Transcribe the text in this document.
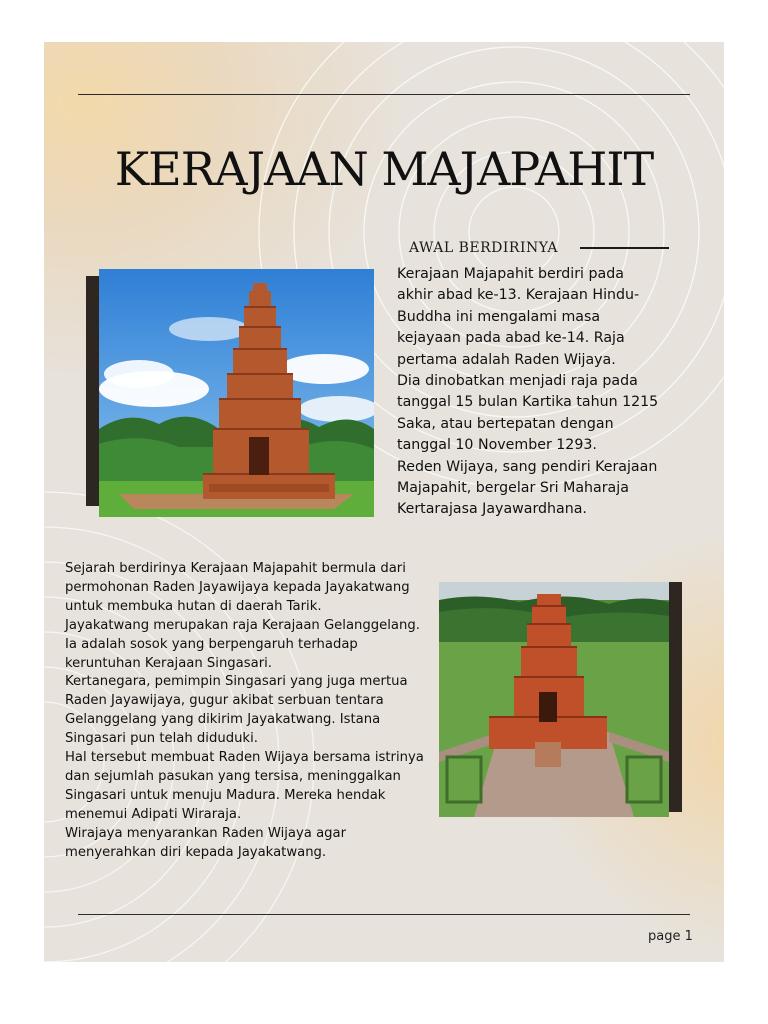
KERAJAAN MAJAPAHIT
AWAL BERDIRINYA
Kerajaan Majapahit berdiri pada
akhir abad ke-13. Kerajaan Hindu-
Buddha ini mengalami masa
kejayaan pada abad ke-14. Raja
pertama adalah Raden Wijaya.
Dia dinobatkan menjadi raja pada
tanggal 15 bulan Kartika tahun 1215
Saka, atau bertepatan dengan
tanggal 10 November 1293.
Reden Wijaya, sang pendiri Kerajaan
Majapahit, bergelar Sri Maharaja
Kertarajasa Jayawardhana.
Sejarah berdirinya Kerajaan Majapahit bermula dari
permohonan Raden Jayawijaya kepada Jayakatwang
untuk membuka hutan di daerah Tarik.
Jayakatwang merupakan raja Kerajaan Gelanggelang.
Ia adalah sosok yang berpengaruh terhadap
keruntuhan Kerajaan Singasari.
Kertanegara, pemimpin Singasari yang juga mertua
Raden Jayawijaya, gugur akibat serbuan tentara
Gelanggelang yang dikirim Jayakatwang. Istana
Singasari pun telah diduduki.
Hal tersebut membuat Raden Wijaya bersama istrinya
dan sejumlah pasukan yang tersisa, meninggalkan
Singasari untuk menuju Madura. Mereka hendak
menemui Adipati Wiraraja.
Wirajaya menyarankan Raden Wijaya agar
menyerahkan diri kepada Jayakatwang.
page 1
